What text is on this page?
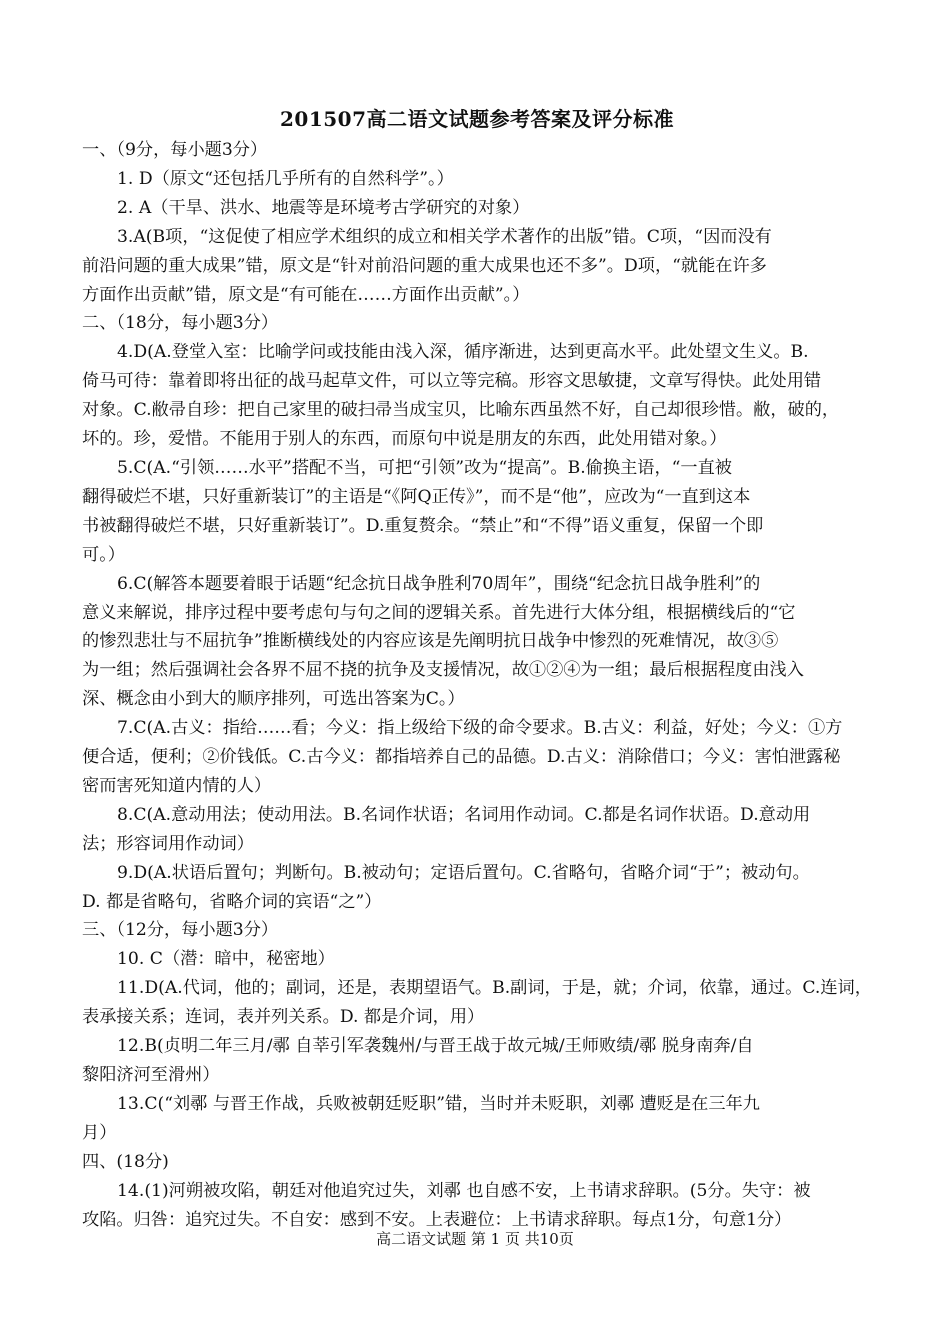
201507高二语文试题参考答案及评分标准
一、（9分，每小题3分）
1. D（原文“还包括几乎所有的自然科学”。）
2. A（干旱、洪水、地震等是环境考古学研究的对象）
3.A(B项，“这促使了相应学术组织的成立和相关学术著作的出版”错。C项，“因而没有
前沿问题的重大成果”错，原文是“针对前沿问题的重大成果也还不多”。D项，“就能在许多
方面作出贡献”错，原文是“有可能在……方面作出贡献”。）
二、（18分，每小题3分）
4.D(A.登堂入室：比喻学问或技能由浅入深，循序渐进，达到更高水平。此处望文生义。B.
倚马可待：靠着即将出征的战马起草文件，可以立等完稿。形容文思敏捷，文章写得快。此处用错
对象。C.敝帚自珍：把自己家里的破扫帚当成宝贝，比喻东西虽然不好，自己却很珍惜。敝，破的，
坏的。珍，爱惜。不能用于别人的东西，而原句中说是朋友的东西，此处用错对象。）
5.C(A.“引领……水平”搭配不当，可把“引领”改为“提高”。B.偷换主语，“一直被
翻得破烂不堪，只好重新装订”的主语是“《阿Q正传》”，而不是“他”，应改为“一直到这本
书被翻得破烂不堪，只好重新装订”。D.重复赘余。“禁止”和“不得”语义重复，保留一个即
可。）
6.C(解答本题要着眼于话题“纪念抗日战争胜利70周年”，围绕“纪念抗日战争胜利”的
意义来解说，排序过程中要考虑句与句之间的逻辑关系。首先进行大体分组，根据横线后的“它
的惨烈悲壮与不屈抗争”推断横线处的内容应该是先阐明抗日战争中惨烈的死难情况，故③⑤
为一组；然后强调社会各界不屈不挠的抗争及支援情况，故①②④为一组；最后根据程度由浅入
深、概念由小到大的顺序排列，可选出答案为C。）
7.C(A.古义：指给……看；今义：指上级给下级的命令要求。B.古义：利益，好处；今义：①方
便合适，便利；②价钱低。C.古今义：都指培养自己的品德。D.古义：消除借口；今义：害怕泄露秘
密而害死知道内情的人）
8.C(A.意动用法；使动用法。B.名词作状语；名词用作动词。C.都是名词作状语。D.意动用
法；形容词用作动词）
9.D(A.状语后置句；判断句。B.被动句；定语后置句。C.省略句，省略介词“于”；被动句。
D. 都是省略句，省略介词的宾语“之”）
三、（12分，每小题3分）
10. C（潜：暗中，秘密地）
11.D(A.代词，他的；副词，还是，表期望语气。B.副词，于是，就；介词，依靠，通过。C.连词，
表承接关系；连词，表并列关系。D. 都是介词，用）
12.B(贞明二年三月/鄩 自莘引军袭魏州/与晋王战于故元城/王师败绩/鄩 脱身南奔/自
黎阳济河至滑州）
13.C(“刘鄩 与晋王作战，兵败被朝廷贬职”错，当时并未贬职，刘鄩 遭贬是在三年九
月）
四、(18分)
14.(1)河朔被攻陷，朝廷对他追究过失，刘鄩 也自感不安，上书请求辞职。(5分。失守：被
攻陷。归咎：追究过失。不自安：感到不安。上表避位：上书请求辞职。每点1分，句意1分）
高二语文试题 第 1 页 共10页
